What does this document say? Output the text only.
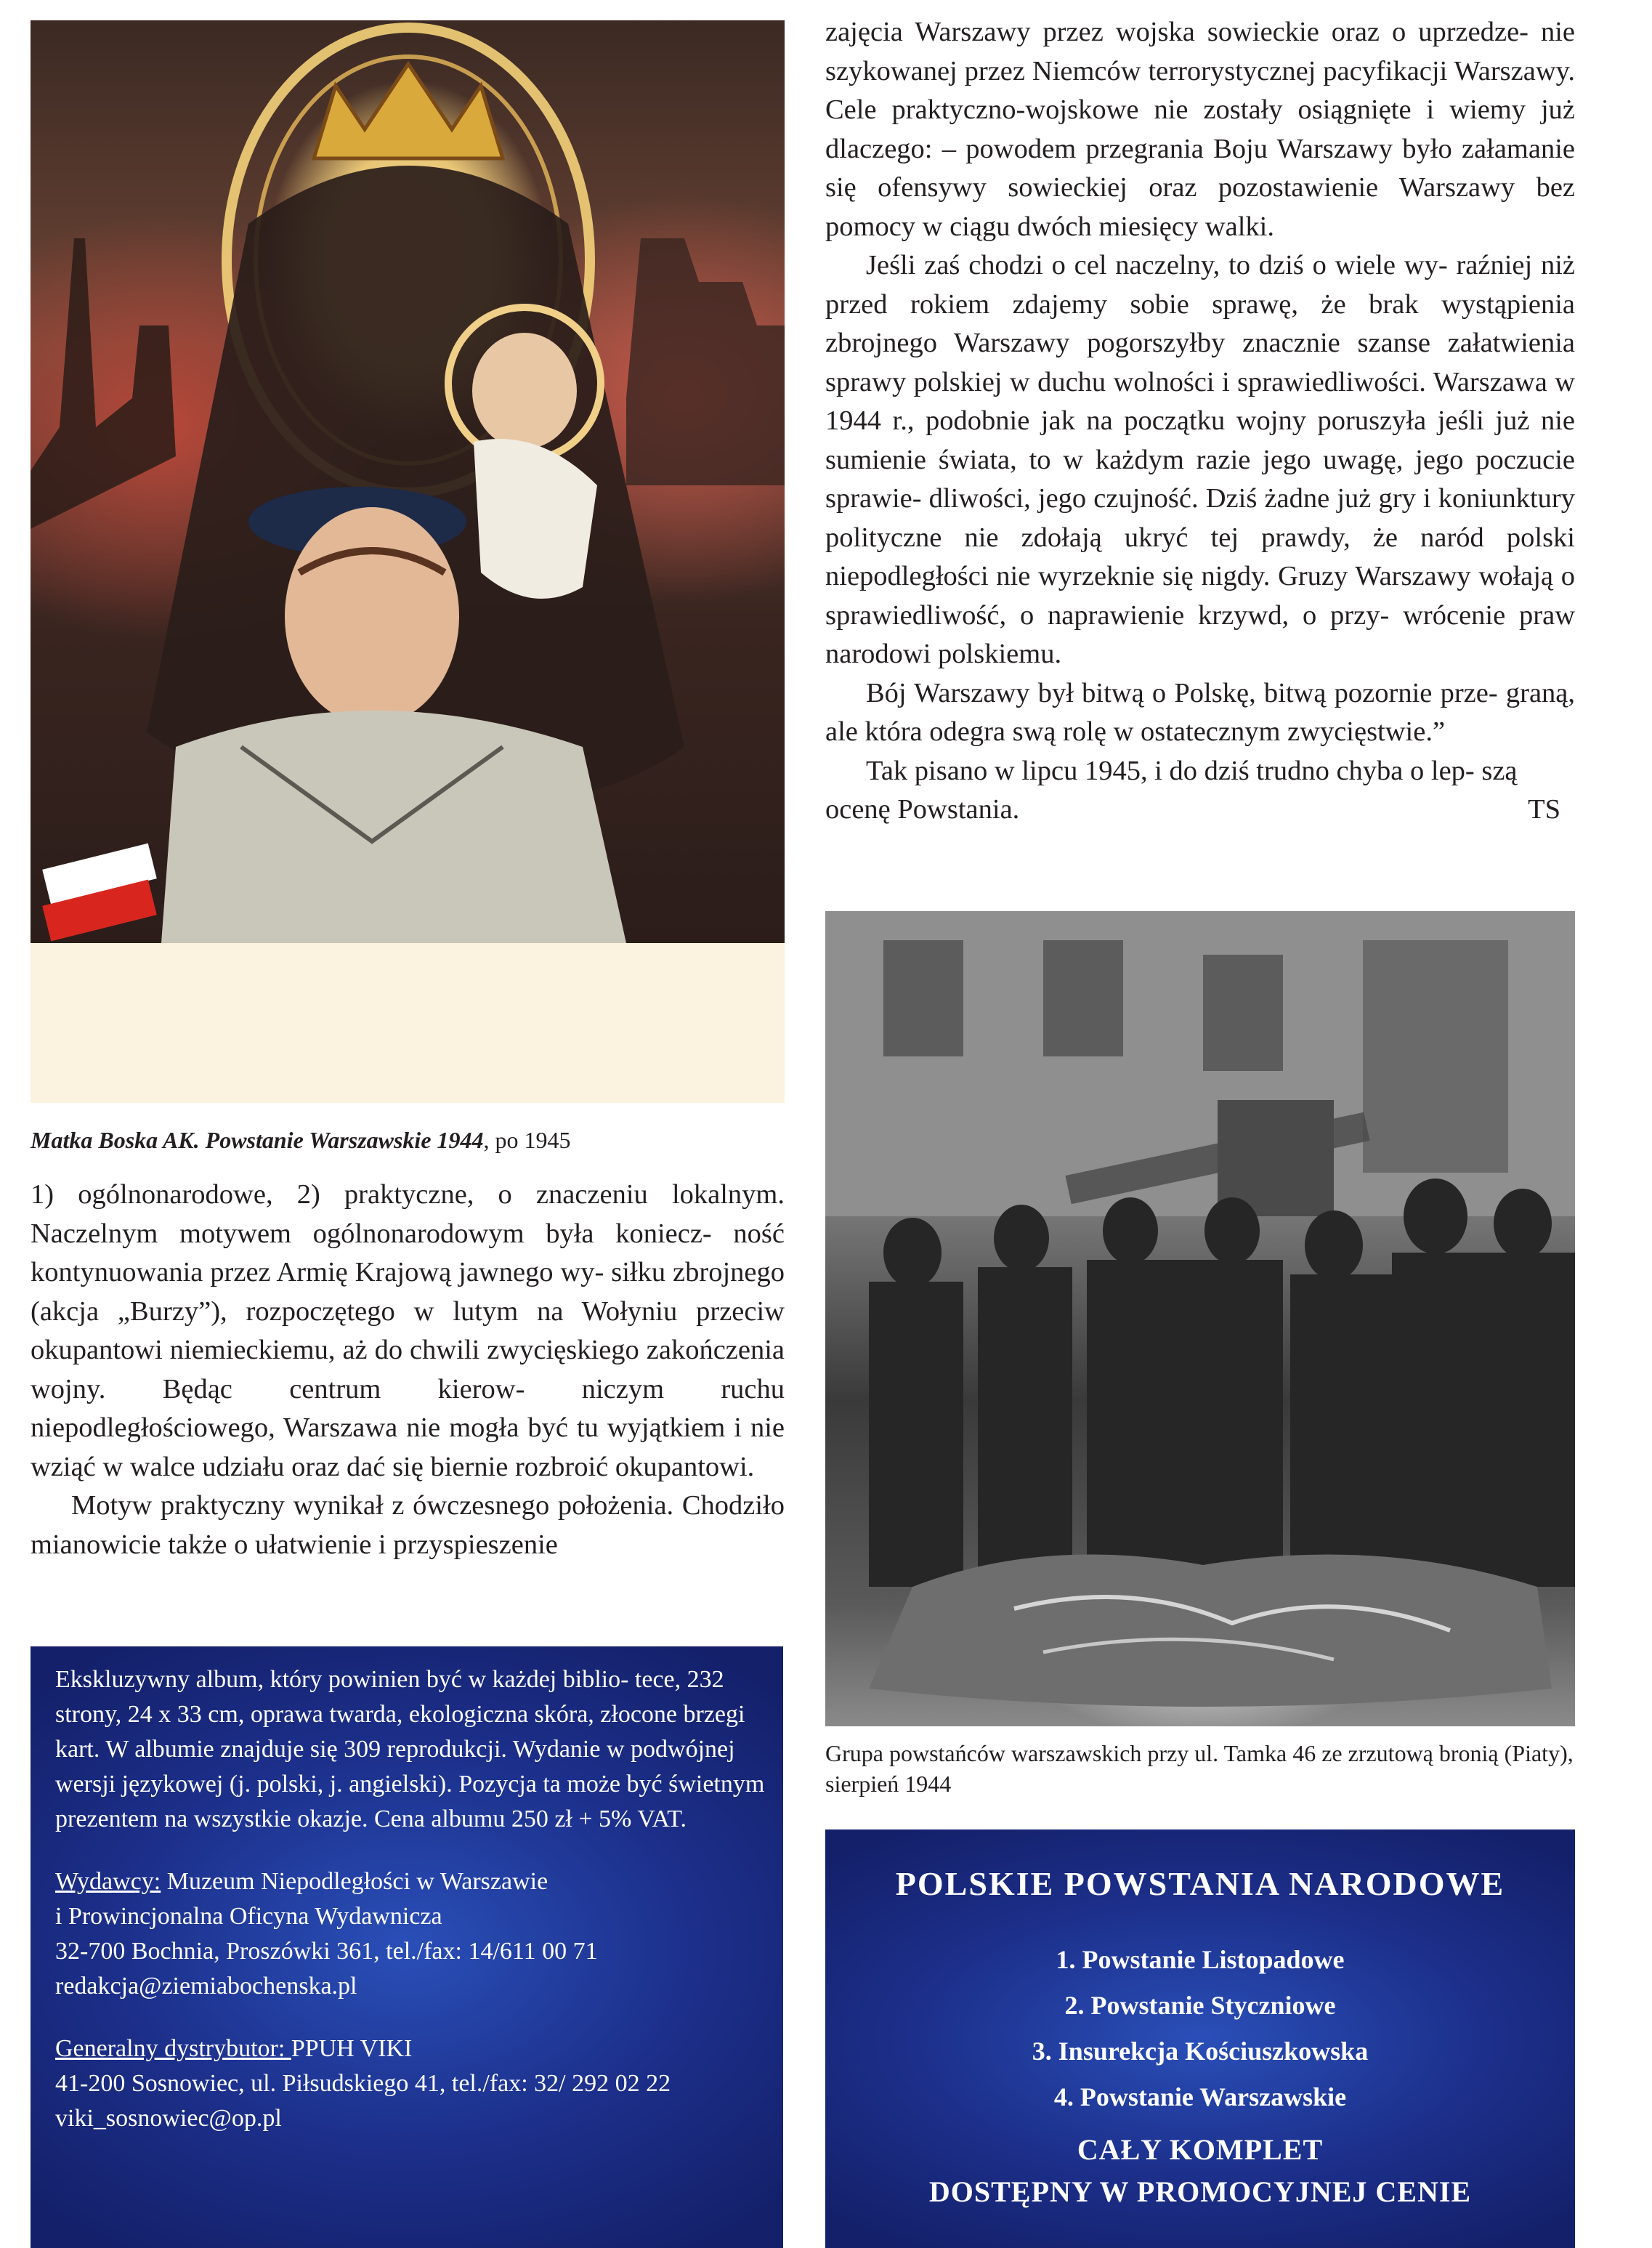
Matka Boska AK. Powstanie Warszawskie 1944, po 1945

zajęcia Warszawy przez wojska sowieckie oraz o uprzedze- nie szykowanej przez Niemców terrorystycznej pacyfikacji Warszawy. Cele praktyczno-wojskowe nie zostały osiągnięte i wiemy już dlaczego: – powodem przegrania Boju Warszawy było załamanie się ofensywy sowieckiej oraz pozostawienie Warszawy bez pomocy w ciągu dwóch miesięcy walki.

Jeśli zaś chodzi o cel naczelny, to dziś o wiele wy- raźniej niż przed rokiem zdajemy sobie sprawę, że brak wystąpienia zbrojnego Warszawy pogorszyłby znacznie szanse załatwienia sprawy polskiej w duchu wolności i sprawiedliwości. Warszawa w 1944 r., podobnie jak na początku wojny poruszyła jeśli już nie sumienie świata, to w każdym razie jego uwagę, jego poczucie sprawie- dliwości, jego czujność. Dziś żadne już gry i koniunktury polityczne nie zdołają ukryć tej prawdy, że naród polski niepodległości nie wyrzeknie się nigdy. Gruzy Warszawy wołają o sprawiedliwość, o naprawienie krzywd, o przy- wrócenie praw narodowi polskiemu.

Bój Warszawy był bitwą o Polskę, bitwą pozornie prze- graną, ale która odegra swą rolę w ostatecznym zwycięstwie.”

Tak pisano w lipcu 1945, i do dziś trudno chyba o lep- szą ocenę Powstania.	TS

Grupa powstańców warszawskich przy ul. Tamka 46 ze zrzutową bronią (Piaty), sierpień 1944

1) ogólnonarodowe, 2) praktyczne, o znaczeniu lokalnym. Naczelnym motywem ogólnonarodowym była koniecz- ność kontynuowania przez Armię Krajową jawnego wy- siłku zbrojnego (akcja „Burzy”), rozpoczętego w lutym na Wołyniu przeciw okupantowi niemieckiemu, aż do chwili zwycięskiego zakończenia wojny. Będąc centrum kierow- niczym ruchu niepodległościowego, Warszawa nie mogła być tu wyjątkiem i nie wziąć w walce udziału oraz dać się biernie rozbroić okupantowi.

Motyw praktyczny wynikał z ówczesnego położenia. Chodziło mianowicie także o ułatwienie i przyspieszenie

Ekskluzywny album, który powinien być w każdej biblio- tece, 232 strony, 24 x 33 cm, oprawa twarda, ekologiczna skóra, złocone brzegi kart. W albumie znajduje się 309 reprodukcji. Wydanie w podwójnej wersji językowej (j. polski, j. angielski). Pozycja ta może być świetnym prezentem na wszystkie okazje. Cena albumu 250 zł + 5% VAT.

Wydawcy: Muzeum Niepodległości w Warszawie
i Prowincjonalna Oficyna Wydawnicza
32-700 Bochnia, Proszówki 361, tel./fax: 14/611 00 71
redakcja@ziemiabochenska.pl

Generalny dystrybutor: PPUH VIKI
41-200 Sosnowiec, ul. Piłsudskiego 41, tel./fax: 32/ 292 02 22 viki_sosnowiec@op.pl

POLSKIE POWSTANIA NARODOWE
1. Powstanie Listopadowe
2. Powstanie Styczniowe
3. Insurekcja Kościuszkowska
4. Powstanie Warszawskie
CAŁY KOMPLET
DOSTĘPNY W PROMOCYJNEJ CENIE
